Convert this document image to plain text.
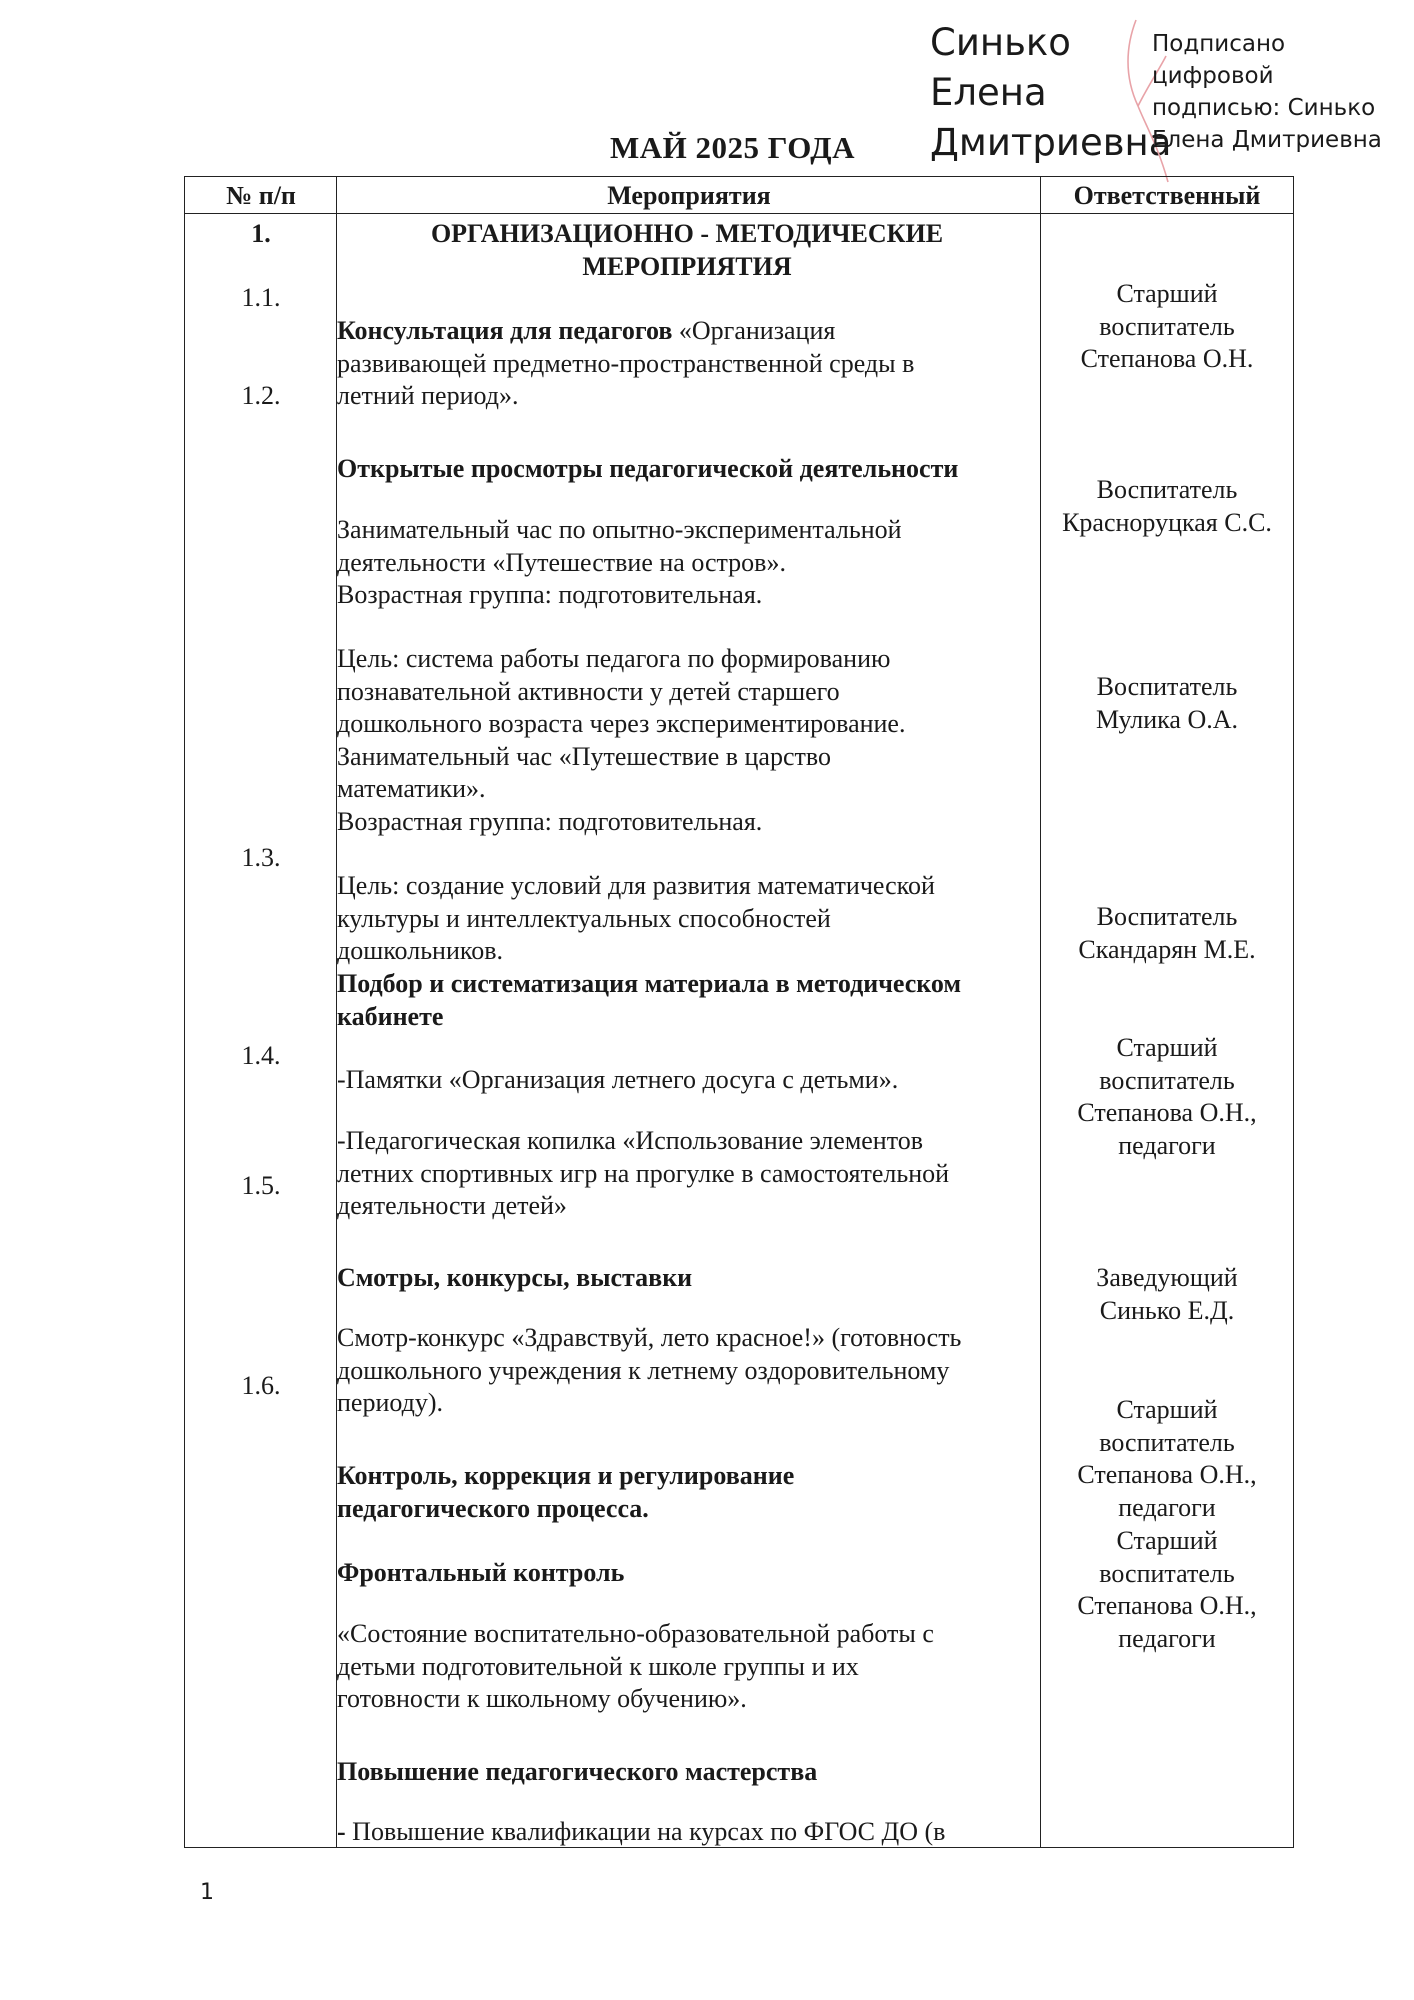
Синько
Елена
Дмитриевна
Подписано
цифровой
подписью: Синько
Елена Дмитриевна
МАЙ 2025 ГОДА
№ п/п	Мероприятия	Ответственный
1.
1.1.
1.2.
1.3.
1.4.
1.5.
1.6.
ОРГАНИЗАЦИОННО - МЕТОДИЧЕСКИЕ
МЕРОПРИЯТИЯ
Консультация для педагогов «Организация
развивающей предметно-пространственной среды в
летний период».
Открытые просмотры педагогической деятельности
Занимательный час по опытно-экспериментальной
деятельности «Путешествие на остров».
Возрастная группа: подготовительная.
Цель: система работы педагога по формированию
познавательной активности у детей старшего
дошкольного возраста через экспериментирование.
Занимательный час «Путешествие в царство
математики».
Возрастная группа: подготовительная.
Цель: создание условий для развития математической
культуры и интеллектуальных способностей
дошкольников.
Подбор и систематизация материала в методическом
кабинете
-Памятки «Организация летнего досуга с детьми».
-Педагогическая копилка «Использование элементов
летних спортивных игр на прогулке в самостоятельной
деятельности детей»
Смотры, конкурсы, выставки
Смотр-конкурс «Здравствуй, лето красное!» (готовность
дошкольного учреждения к летнему оздоровительному
периоду).
Контроль, коррекция и регулирование
педагогического процесса.
Фронтальный контроль
«Состояние воспитательно-образовательной работы с
детьми подготовительной к школе группы и их
готовности к школьному обучению».
Повышение педагогического мастерства
- Повышение квалификации на курсах по ФГОС ДО (в
Старший
воспитатель
Степанова О.Н.
Воспитатель
Красноруцкая С.С.
Воспитатель
Мулика О.А.
Воспитатель
Скандарян М.Е.
Старший
воспитатель
Степанова О.Н.,
педагоги
Заведующий
Синько Е.Д.
Старший
воспитатель
Степанова О.Н.,
педагоги
Старший
воспитатель
Степанова О.Н.,
педагоги
1
